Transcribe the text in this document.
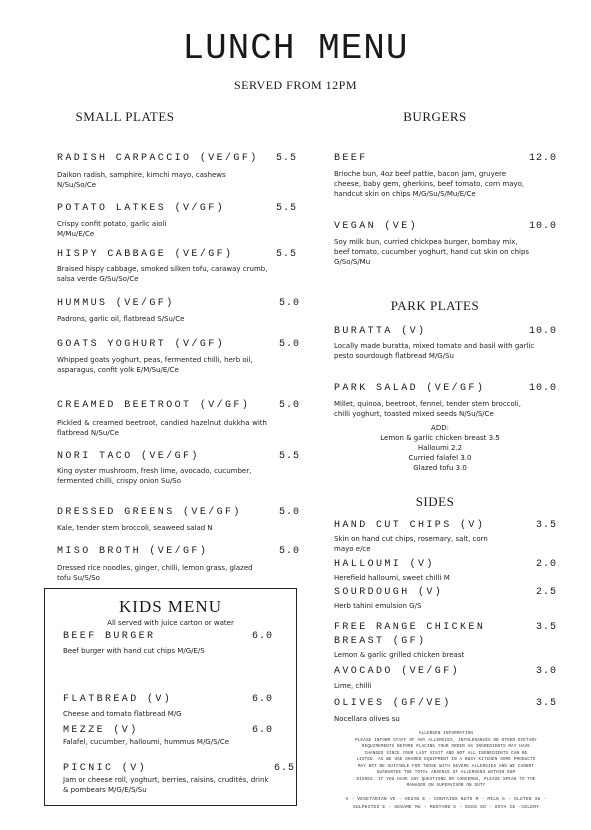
LUNCH MENU
SERVED FROM 12PM
SMALL PLATES
RADISH CARPACCIO (VE/GF) 5.5
Daikon radish, samphire, kimchi mayo, cashews N/Su/So/Ce
POTATO LATKES (V/GF)	5.5
Crispy confit potato, garlic aioli M/Mu/E/Ce
HISPY CABBAGE (VE/GF)	5.5
Braised hispy cabbage, smoked silken tofu, caraway crumb, salsa verde G/Su/So/Ce
HUMMUS (VE/GF)	5.0
Padrons, garlic oil, flatbread S/Su/Ce
GOATS YOGHURT (V/GF)	5.0
Whipped goats yoghurt, peas, fermented chilli, herb oil, asparagus, confit yolk E/M/Su/E/Ce
CREAMED BEETROOT (V/GF)	5.0
Pickled & creamed beetroot, candied hazelnut dukkha with flatbread N/Su/Ce
NORI TACO (VE/GF)	5.5
King oyster mushroom, fresh lime, avocado, cucumber, fermented chilli, crispy onion Su/So
DRESSED GREENS (VE/GF)	5.0
Kale, tender stem broccoli, seaweed salad N
MISO BROTH (VE/GF)	5.0
Dressed rice noodles, ginger, chilli, lemon grass, glazed tofu Su/S/So
KIDS MENU
All served with juice carton or water
BEEF BURGER	6.0
Beef burger with hand cut chips M/G/E/S
FLATBREAD (V)	6.0
Cheese and tomato flatbread M/G
MEZZE (V)	6.0
Falafel, cucumber, halloumi, hummus M/G/S/Ce
PICNIC (V)	6.5
Jam or cheese roll, yoghurt, berries, raisins, crudités, drink & pombears M/G/E/S/Su
BURGERS
BEEF	12.0
Brioche bun, 4oz beef pattie, bacon jam, gruyere cheese, baby gem, gherkins, beef tomato, corn mayo, handcut skin on chips M/G/Su/S/Mu/E/Ce
VEGAN (VE)	10.0
Soy milk bun, curried chickpea burger, bombay mix, beef tomato, cucumber yoghurt, hand cut skin on chips G/So/S/Mu
PARK PLATES
BURATTA (V)	10.0
Locally made buratta, mixed tomato and basil with garlic pesto sourdough flatbread M/G/Su
PARK SALAD (VE/GF)	10.0
Millet, quinoa, beetroot, fennel, tender stem broccoli, chilli yoghurt, toasted mixed seeds N/Su/S/Ce
ADD:
Lemon & garlic chicken breast 3.5
Halloumi 2.2
Curried falafel 3.0
Glazed tofu 3.0
SIDES
HAND CUT CHIPS (V)	3.5
Skin on hand cut chips, rosemary, salt, corn mayo e/ce
HALLOUMI (V)	2.0
Herefield halloumi, sweet chilli M
SOURDOUGH (V)	2.5
Herb tahini emulsion G/S
FREE RANGE CHICKEN	3.5
BREAST (GF)
Lemon & garlic grilled chicken breast
AVOCADO (VE/GF)	3.0
Lime, chilli
OLIVES (GF/VE)	3.5
Nocellara olives su
ALLERGEN INFORMATION
PLEASE INFORM STAFF OF ANY ALLERGIES, INTOLERANCES OR OTHER DIETARY
REQUIREMENTS BEFORE PLACING YOUR ORDER AS INGREDIENTS MAY HAVE
CHANGED SINCE YOUR LAST VISIT AND NOT ALL INGREDIENTS CAN BE
LISTED. AS WE USE SHARED EQUIPMENT IN A BUSY KITCHEN SOME PRODUCTS
MAY NOT BE SUITABLE FOR THOSE WITH SEVERE ALLERGIES AND WE CANNOT
GUARANTEE THE TOTAL ABSENCE OF ALLERGENS WITHIN OUR
DISHES. IF YOU HAVE ANY QUESTIONS OR CONCERNS, PLEASE SPEAK TO THE
MANAGER ON SUPERVISOR ON DUTY
V - VEGETARIAN VE - VEGAN E - CONTAINS NUTS M - MILK G - GLUTEN SU -
SULPHITES E - SESAME MU - MUSTARD E - EGGS SO - SOYA CE -CELERY
